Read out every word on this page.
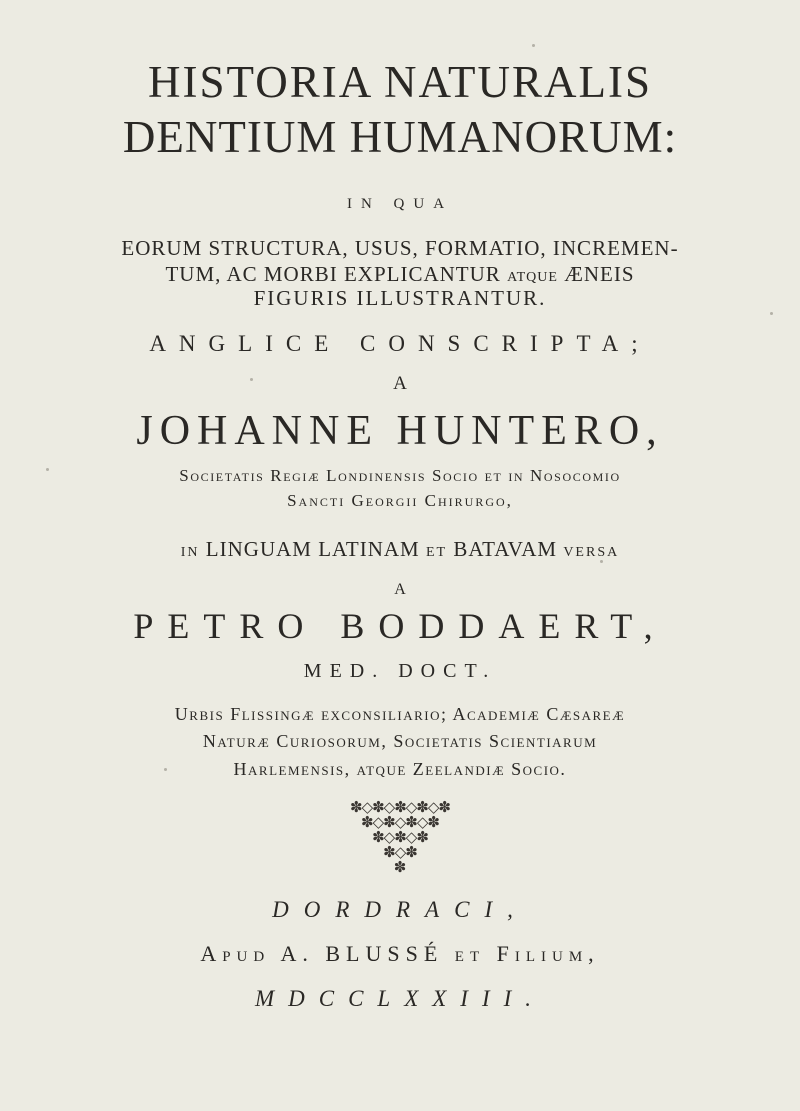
HISTORIA NATURALIS
DENTIUM HUMANORUM:

IN QUA

EORUM STRUCTURA, USUS, FORMATIO, INCREMEN-

TUM, AC MORBI EXPLICANTUR ATQUE ÆNEIS

FIGURIS ILLUSTRANTUR.

ANGLICE CONSCRIPTA;

A

JOHANNE HUNTERO,

Societatis Regiæ Londinensis Socio et in Nosocomio

Sancti Georgii Chirurgo,

IN LINGUAM LATINAM ET BATAVAM VERSA

A

PETRO BODDAERT,

MED. DOCT.

Urbis Flissingæ exconsiliario; Academiæ Cæsareæ

Naturæ Curiosorum, Societatis Scientiarum

Harlemensis, atque Zeelandiæ Socio.

✽◇✽◇✽◇✽◇✽
✽◇✽◇✽◇✽
✽◇✽◇✽
✽◇✽
✽

DORDRACI,

Apud A. BLUSSÉ et Filium,

MDCCLXXIII.
